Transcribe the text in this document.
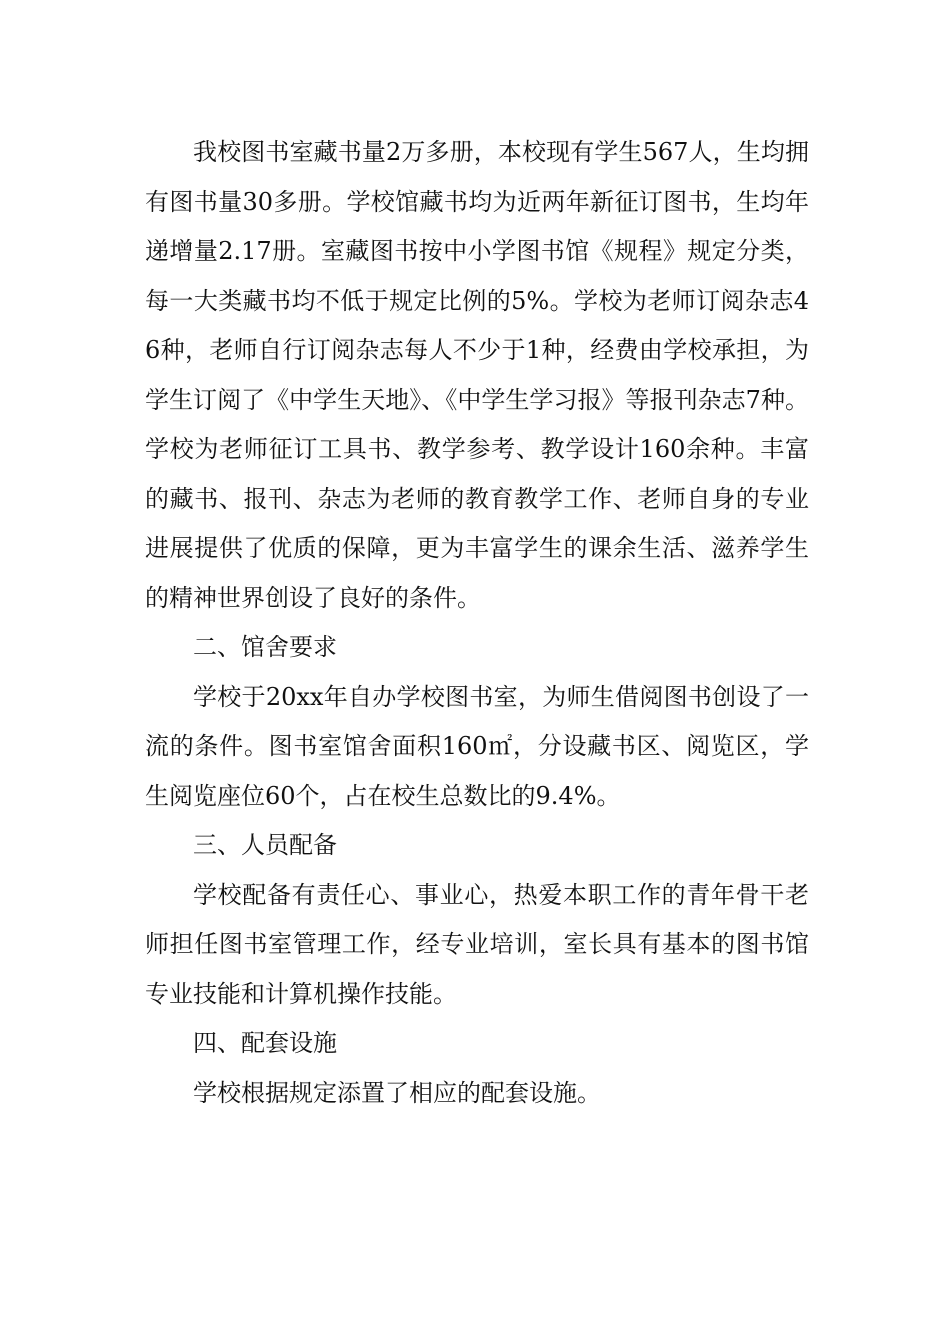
我校图书室藏书量2万多册，本校现有学生567人，生均拥有图书量30多册。学校馆藏书均为近两年新征订图书，生均年递增量2.17册。室藏图书按中小学图书馆《规程》规定分类，每一大类藏书均不低于规定比例的5%。学校为老师订阅杂志46种，老师自行订阅杂志每人不少于1种，经费由学校承担，为学生订阅了《中学生天地》、《中学生学习报》等报刊杂志7种。学校为老师征订工具书、教学参考、教学设计160余种。丰富的藏书、报刊、杂志为老师的教育教学工作、老师自身的专业进展提供了优质的保障，更为丰富学生的课余生活、滋养学生的精神世界创设了良好的条件。

二、馆舍要求

学校于20xx年自办学校图书室，为师生借阅图书创设了一流的条件。图书室馆舍面积160㎡，分设藏书区、阅览区，学生阅览座位60个，占在校生总数比的9.4%。

三、人员配备

学校配备有责任心、事业心，热爱本职工作的青年骨干老师担任图书室管理工作，经专业培训，室长具有基本的图书馆专业技能和计算机操作技能。

四、配套设施

学校根据规定添置了相应的配套设施。
